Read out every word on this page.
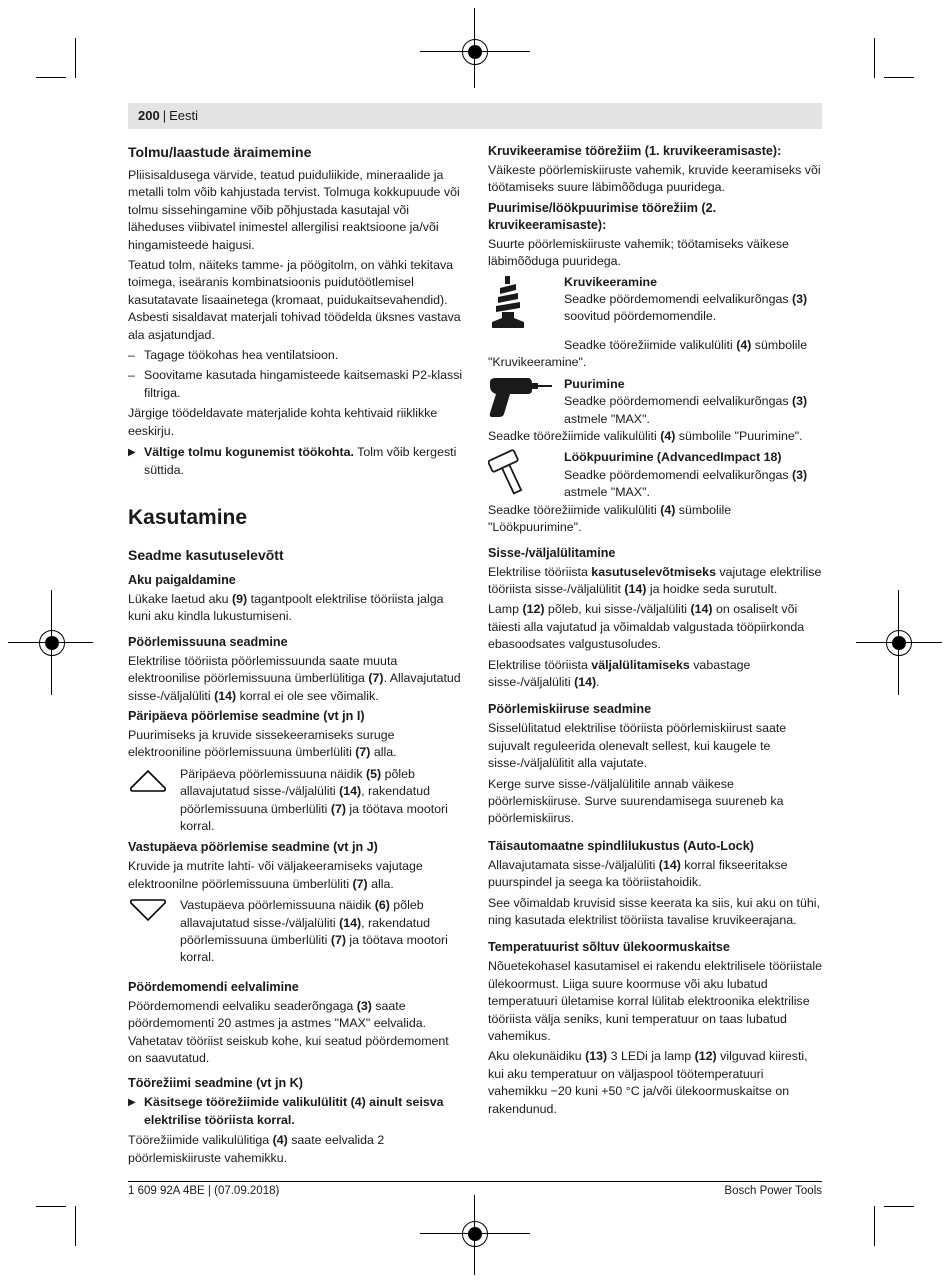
200 | Eesti
Tolmu/laastude äraimemine

Pliisisaldusega värvide, teatud puiduliikide, mineraalide ja metalli tolm võib kahjustada tervist. Tolmuga kokkupuude või tolmu sissehingamine võib põhjustada kasutajal või läheduses viibivatel inimestel allergilisi reaktsioone ja/või hingamisteede haigusi.

Teatud tolm, näiteks tamme- ja pöögitolm, on vähki tekitava toimega, iseäranis kombinatsioonis puidutöötlemisel kasutatavate lisaainetega (kromaat, puidukaitsevahendid). Asbesti sisaldavat materjali tohivad töödelda üksnes vastava ala asjatundjad.

– Tagage töökohas hea ventilatsioon.
– Soovitame kasutada hingamisteede kaitsemaski P2-klassi filtriga.

Järgige töödeldavate materjalide kohta kehtivaid riiklikke eeskirju.

▶ Vältige tolmu kogunemist töökohta. Tolm võib kergesti süttida.
Kasutamine
Seadme kasutuselevõtt
Aku paigaldamine

Lükake laetud aku (9) tagantpoolt elektrilise tööriista jalga kuni aku kindla lukustumiseni.

Pöörlemissuuna seadmine

Elektrilise tööriista pöörlemissuunda saate muuta elektroonilise pöörlemissuuna ümberlülitiga (7). Allavajutatud sisse-/väljalüliti (14) korral ei ole see võimalik.

Päripäeva pöörlemise seadmine (vt jn I)

Puurimiseks ja kruvide sissekeeramiseks suruge elektrooniline pöörlemissuuna ümberlüliti (7) alla.

Päripäeva pöörlemissuuna näidik (5) põleb allavajutatud sisse-/väljalüliti (14), rakendatud pöörlemissuuna ümberlüliti (7) ja töötava mootori korral.
Vastupäeva pöörlemise seadmine (vt jn J)

Kruvide ja mutrite lahti- või väljakeeramiseks vajutage elektroonilne pöörlemissuuna ümberlüliti (7) alla.

Vastupäeva pöörlemissuuna näidik (6) põleb allavajutatud sisse-/väljalüliti (14), rakendatud pöörlemissuuna ümberlüliti (7) ja töötava mootori korral.
Pöördemomendi eelvalimine

Pöördemomendi eelvaliku seaderõngaga (3) saate pöördemomenti 20 astmes ja astmes "MAX" eelvalida. Vahetatav tööriist seiskub kohe, kui seatud pöördemoment on saavutatud.

Töörežiimi seadmine (vt jn K)
▶ Käsitsege töörežiimide valikulülitit (4) ainult seisva elektrilise tööriista korral.

Töörežiimide valikulülitiga (4) saate eelvalida 2 pöörlemiskiiruste vahemikku.

Kruvikeeramise töörežiim (1. kruvikeeramisaste):

Väikeste pöörlemiskiiruste vahemik, kruvide keeramiseks või töötamiseks suure läbimõõduga puuridega.

Puurimise/löökpuurimise töörežiim (2. kruvikeeramisaste):

Suurte pöörlemiskiiruste vahemik; töötamiseks väikese läbimõõduga puuridega.

Kruvikeeramine
Seadke pöördemomendi eelvalikurõngas (3) soovitud pöördemomendile.

Seadke töörežiimide valikulüliti (4) sümbolile "Kruvikeeramine".

Puurimine
Seadke pöördemomendi eelvalikurõngas (3) astmele "MAX".

Seadke töörežiimide valikulüliti (4) sümbolile "Puurimine".

Löökpuurimine (AdvancedImpact 18)
Seadke pöördemomendi eelvalikurõngas (3) astmele "MAX".

Seadke töörežiimide valikulüliti (4) sümbolile "Löökpuurimine".

Sisse-/väljalülitamine

Elektrilise tööriista kasutuselevõtmiseks vajutage elektrilise tööriista sisse-/väljalülitit (14) ja hoidke seda surutult.

Lamp (12) põleb, kui sisse-/väljalüliti (14) on osaliselt või täiesti alla vajutatud ja võimaldab valgustada tööpiirkonda ebasoodsates valgustusoludes.

Elektrilise tööriista väljalülitamiseks vabastage sisse-/väljalüliti (14).

Pöörlemiskiiruse seadmine

Sisselülitatud elektrilise tööriista pöörlemiskiirust saate sujuvalt reguleerida olenevalt sellest, kui kaugele te sisse-/väljalülitit alla vajutate.

Kerge surve sisse-/väljalülitile annab väikese pöörlemiskiiruse. Surve suurendamisega suureneb ka pöörlemiskiirus.

Täisautomaatne spindlilukustus (Auto-Lock)

Allavajutamata sisse-/väljalüliti (14) korral fikseeritakse puurspindel ja seega ka tööriistahoidik.

See võimaldab kruvisid sisse keerata ka siis, kui aku on tühi, ning kasutada elektrilist tööriista tavalise kruvikeerajana.

Temperatuurist sõltuv ülekoormuskaitse

Nõuetekohasel kasutamisel ei rakendu elektrilisele tööriistale ülekoormust. Liiga suure koormuse või aku lubatud temperatuuri ületamise korral lülitab elektroonika elektrilise tööriista välja seniks, kuni temperatuur on taas lubatud vahemikus.

Aku olekunäidiku (13) 3 LEDi ja lamp (12) vilguvad kiiresti, kui aku temperatuur on väljaspool töötemperatuuri vahemikku −20 kuni +50 °C ja/või ülekoormuskaitse on rakendunud.

1 609 92A 4BE | (07.09.2018)	Bosch Power Tools
